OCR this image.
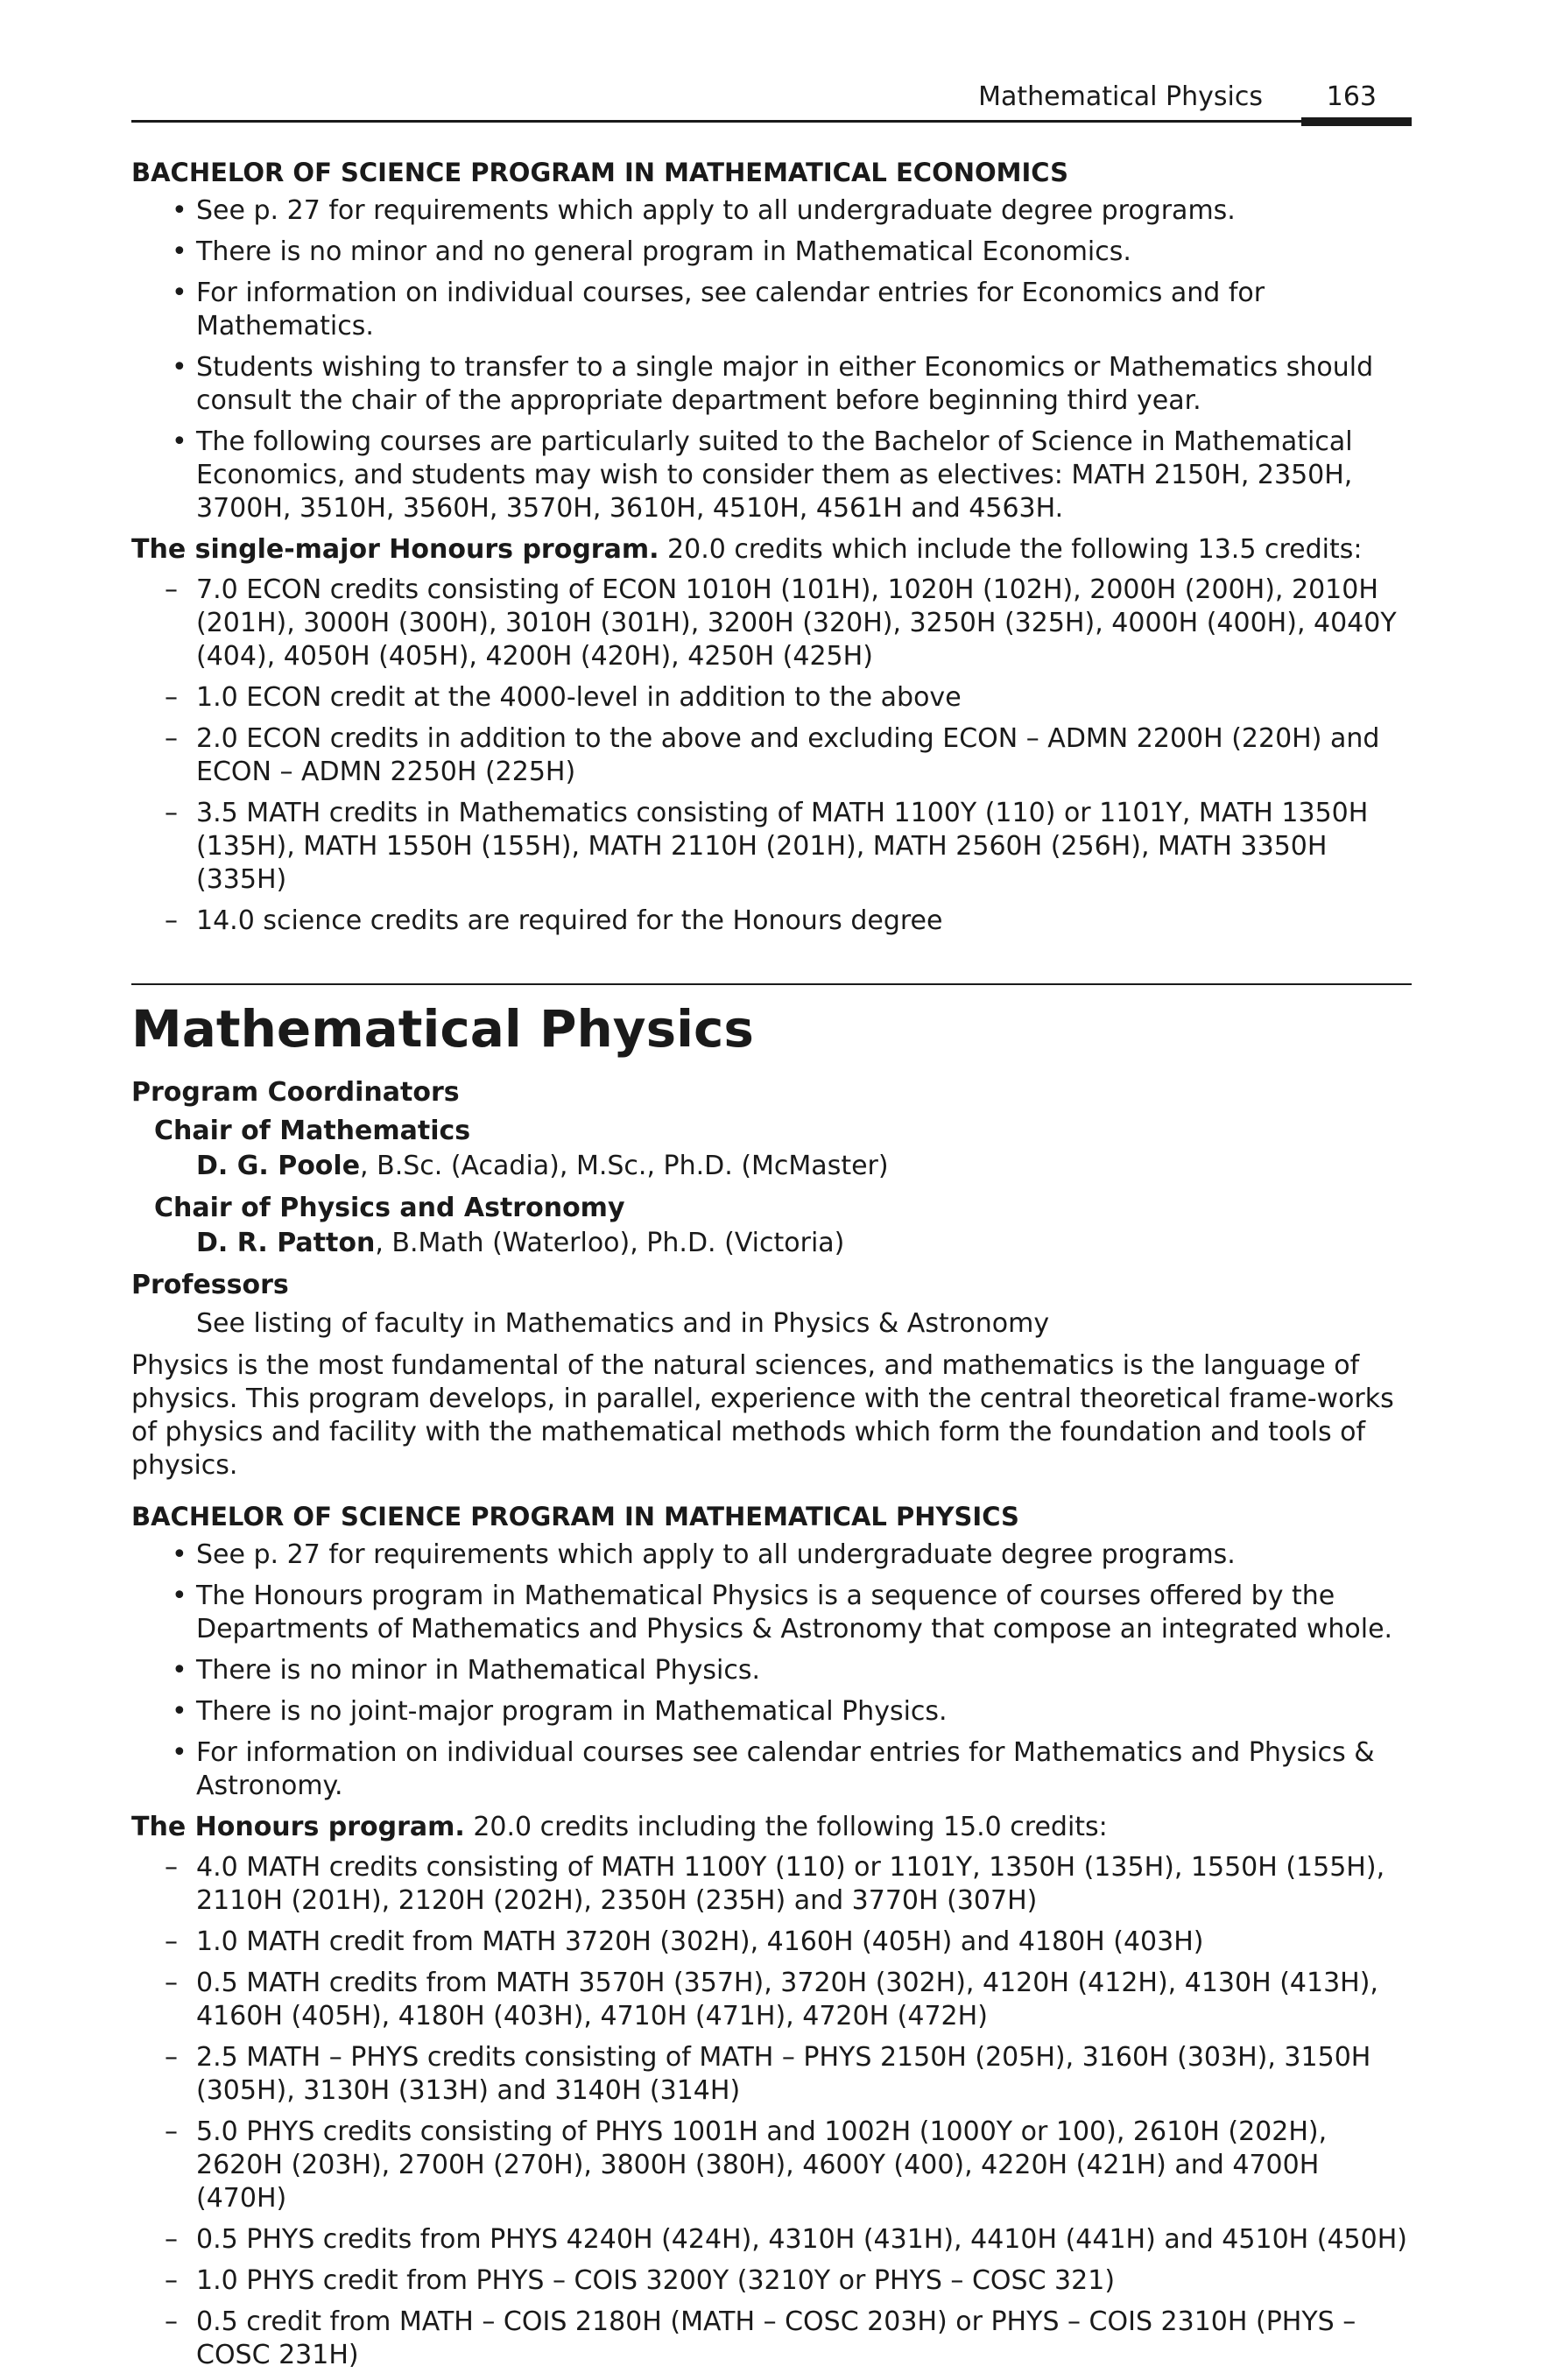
Mathematical Physics 163
BACHELOR OF SCIENCE PROGRAM IN MATHEMATICAL ECONOMICS
• See p. 27 for requirements which apply to all undergraduate degree programs.
• There is no minor and no general program in Mathematical Economics.
• For information on individual courses, see calendar entries for Economics and for Mathematics.
• Students wishing to transfer to a single major in either Economics or Mathematics should consult the chair of the appropriate department before beginning third year.
• The following courses are particularly suited to the Bachelor of Science in Mathematical Economics, and students may wish to consider them as electives: MATH 2150H, 2350H, 3700H, 3510H, 3560H, 3570H, 3610H, 4510H, 4561H and 4563H.
The single-major Honours program. 20.0 credits which include the following 13.5 credits:
– 7.0 ECON credits consisting of ECON 1010H (101H), 1020H (102H), 2000H (200H), 2010H (201H), 3000H (300H), 3010H (301H), 3200H (320H), 3250H (325H), 4000H (400H), 4040Y (404), 4050H (405H), 4200H (420H), 4250H (425H)
– 1.0 ECON credit at the 4000-level in addition to the above
– 2.0 ECON credits in addition to the above and excluding ECON – ADMN 2200H (220H) and ECON – ADMN 2250H (225H)
– 3.5 MATH credits in Mathematics consisting of MATH 1100Y (110) or 1101Y, MATH 1350H (135H), MATH 1550H (155H), MATH 2110H (201H), MATH 2560H (256H), MATH 3350H (335H)
– 14.0 science credits are required for the Honours degree
Mathematical Physics
Program Coordinators
Chair of Mathematics
D. G. Poole, B.Sc. (Acadia), M.Sc., Ph.D. (McMaster)
Chair of Physics and Astronomy
D. R. Patton, B.Math (Waterloo), Ph.D. (Victoria)
Professors
See listing of faculty in Mathematics and in Physics & Astronomy
Physics is the most fundamental of the natural sciences, and mathematics is the language of physics. This program develops, in parallel, experience with the central theoretical frame-works of physics and facility with the mathematical methods which form the foundation and tools of physics.
BACHELOR OF SCIENCE PROGRAM IN MATHEMATICAL PHYSICS
• See p. 27 for requirements which apply to all undergraduate degree programs.
• The Honours program in Mathematical Physics is a sequence of courses offered by the Departments of Mathematics and Physics & Astronomy that compose an integrated whole.
• There is no minor in Mathematical Physics.
• There is no joint-major program in Mathematical Physics.
• For information on individual courses see calendar entries for Mathematics and Physics & Astronomy.
The Honours program. 20.0 credits including the following 15.0 credits:
– 4.0 MATH credits consisting of MATH 1100Y (110) or 1101Y, 1350H (135H), 1550H (155H), 2110H (201H), 2120H (202H), 2350H (235H) and 3770H (307H)
– 1.0 MATH credit from MATH 3720H (302H), 4160H (405H) and 4180H (403H)
– 0.5 MATH credits from MATH 3570H (357H), 3720H (302H), 4120H (412H), 4130H (413H), 4160H (405H), 4180H (403H), 4710H (471H), 4720H (472H)
– 2.5 MATH – PHYS credits consisting of MATH – PHYS 2150H (205H), 3160H (303H), 3150H (305H), 3130H (313H) and 3140H (314H)
– 5.0 PHYS credits consisting of PHYS 1001H and 1002H (1000Y or 100), 2610H (202H), 2620H (203H), 2700H (270H), 3800H (380H), 4600Y (400), 4220H (421H) and 4700H (470H)
– 0.5 PHYS credits from PHYS 4240H (424H), 4310H (431H), 4410H (441H) and 4510H (450H)
– 1.0 PHYS credit from PHYS – COIS 3200Y (3210Y or PHYS – COSC 321)
– 0.5 credit from MATH – COIS 2180H (MATH – COSC 203H) or PHYS – COIS 2310H (PHYS – COSC 231H)
